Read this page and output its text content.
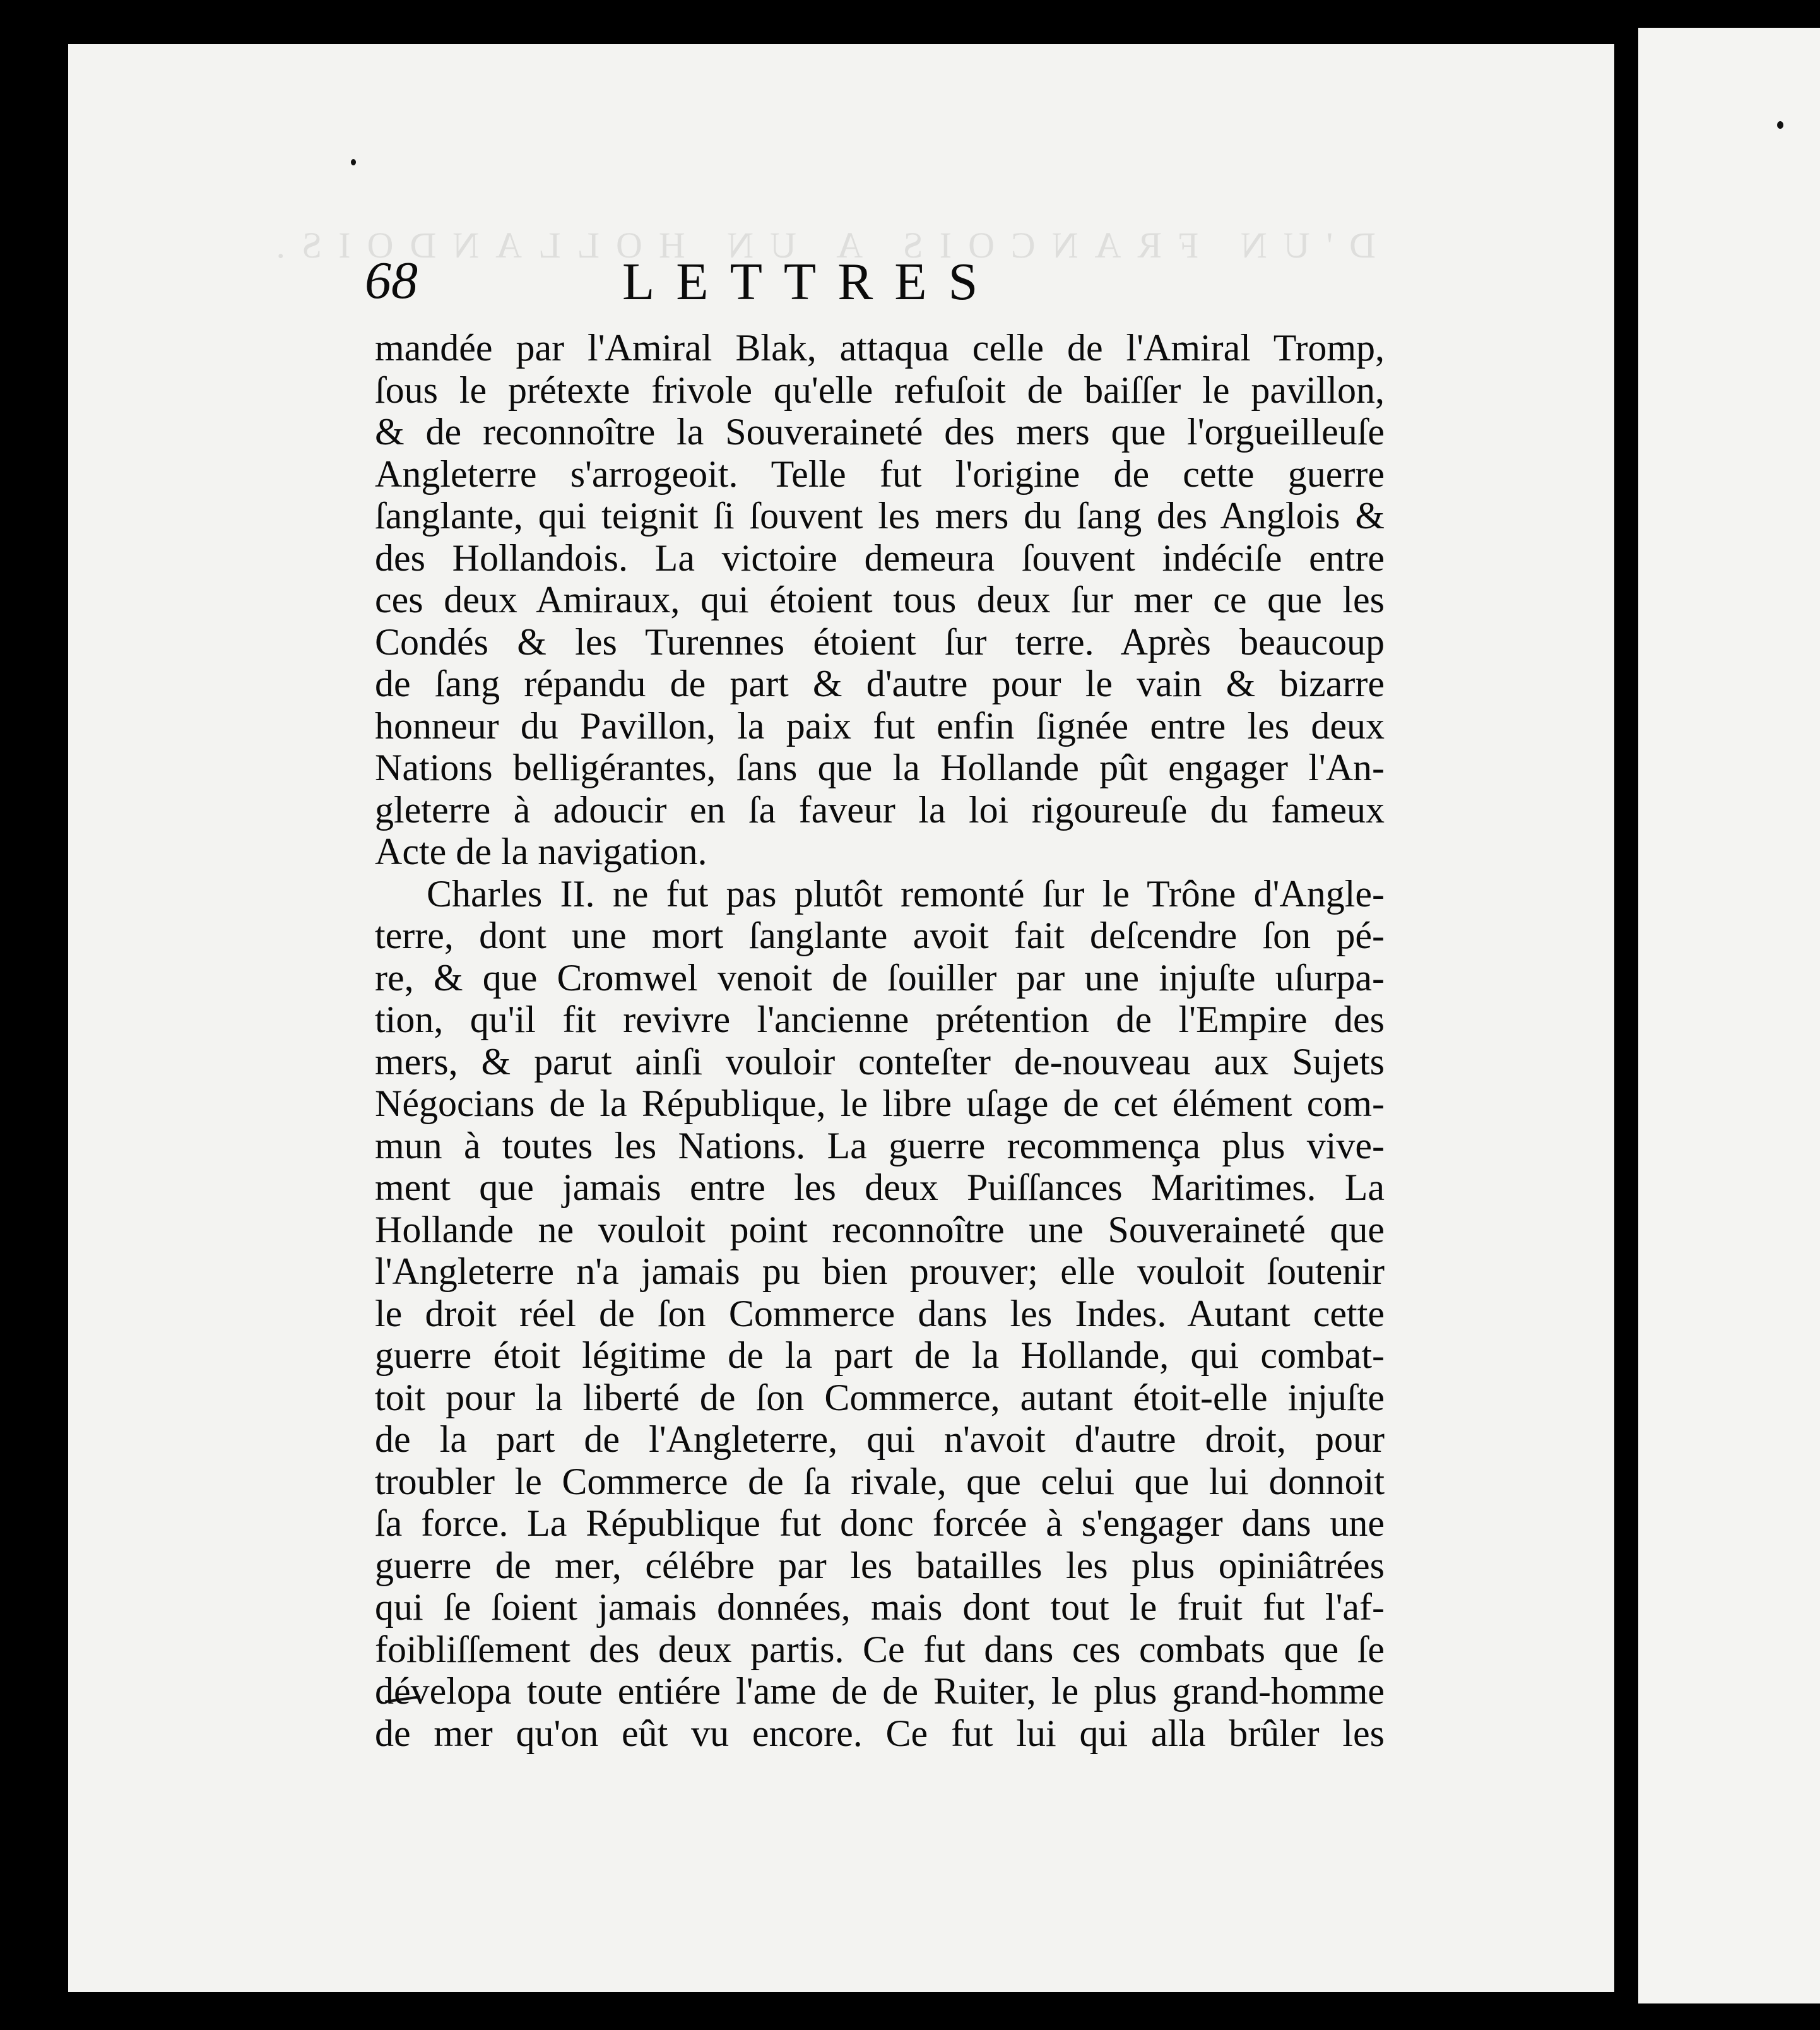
D'UN FRANCOIS A UN HOLLANDOIS.
68	LETTRES
mandée par l'Amiral Blak, attaqua celle de l'Amiral Tromp,
ſous le prétexte frivole qu'elle refuſoit de baiſſer le pavillon,
& de reconnoître la Souveraineté des mers que l'orgueilleuſe
Angleterre s'arrogeoit. Telle fut l'origine de cette guerre
ſanglante, qui teignit ſi ſouvent les mers du ſang des Anglois &
des Hollandois. La victoire demeura ſouvent indéciſe entre
ces deux Amiraux, qui étoient tous deux ſur mer ce que les
Condés & les Turennes étoient ſur terre. Après beaucoup
de ſang répandu de part & d'autre pour le vain & bizarre
honneur du Pavillon, la paix fut enfin ſignée entre les deux
Nations belligérantes, ſans que la Hollande pût engager l'An-
gleterre à adoucir en ſa faveur la loi rigoureuſe du fameux
Acte de la navigation.
Charles II. ne fut pas plutôt remonté ſur le Trône d'Angle-
terre, dont une mort ſanglante avoit fait deſcendre ſon pé-
re, & que Cromwel venoit de ſouiller par une injuſte uſurpa-
tion, qu'il fit revivre l'ancienne prétention de l'Empire des
mers, & parut ainſi vouloir conteſter de-nouveau aux Sujets
Négocians de la République, le libre uſage de cet élément com-
mun à toutes les Nations. La guerre recommença plus vive-
ment que jamais entre les deux Puiſſances Maritimes. La
Hollande ne vouloit point reconnoître une Souveraineté que
l'Angleterre n'a jamais pu bien prouver; elle vouloit ſoutenir
le droit réel de ſon Commerce dans les Indes. Autant cette
guerre étoit légitime de la part de la Hollande, qui combat-
toit pour la liberté de ſon Commerce, autant étoit-elle injuſte
de la part de l'Angleterre, qui n'avoit d'autre droit, pour
troubler le Commerce de ſa rivale, que celui que lui donnoit
ſa force. La République fut donc forcée à s'engager dans une
guerre de mer, célébre par les batailles les plus opiniâtrées
qui ſe ſoient jamais données, mais dont tout le fruit fut l'af-
foibliſſement des deux partis. Ce fut dans ces combats que ſe
dévelopa toute entiére l'ame de de Ruiter, le plus grand-homme
de mer qu'on eût vu encore. Ce fut lui qui alla brûler les
